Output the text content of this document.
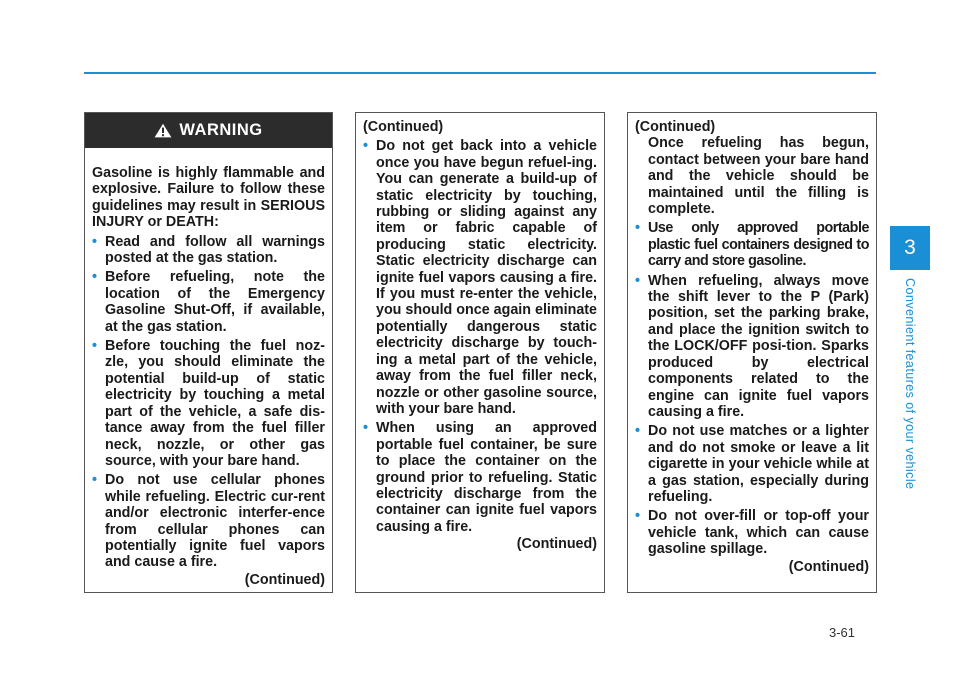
WARNING

Gasoline is highly flammable and explosive. Failure to follow these guidelines may result in SERIOUS INJURY or DEATH:

• Read and follow all warnings posted at the gas station.
• Before refueling, note the location of the Emergency Gasoline Shut-Off, if available, at the gas station.
• Before touching the fuel noz-zle, you should eliminate the potential build-up of static electricity by touching a metal part of the vehicle, a safe dis-tance away from the fuel filler neck, nozzle, or other gas source, with your bare hand.
• Do not use cellular phones while refueling. Electric cur-rent and/or electronic interfer-ence from cellular phones can potentially ignite fuel vapors and cause a fire.
(Continued)
(Continued)
• Do not get back into a vehicle once you have begun refuel-ing. You can generate a build-up of static electricity by touching, rubbing or sliding against any item or fabric capable of producing static electricity. Static electricity discharge can ignite fuel vapors causing a fire. If you must re-enter the vehicle, you should once again eliminate potentially dangerous static electricity discharge by touch-ing a metal part of the vehicle, away from the fuel filler neck, nozzle or other gasoline source, with your bare hand.
• When using an approved portable fuel container, be sure to place the container on the ground prior to refueling. Static electricity discharge from the container can ignite fuel vapors causing a fire.
(Continued)
(Continued)
Once refueling has begun, contact between your bare hand and the vehicle should be maintained until the filling is complete.
• Use only approved portable plastic fuel containers designed to carry and store gasoline.
• When refueling, always move the shift lever to the P (Park) position, set the parking brake, and place the ignition switch to the LOCK/OFF posi-tion. Sparks produced by electrical components related to the engine can ignite fuel vapors causing a fire.
• Do not use matches or a lighter and do not smoke or leave a lit cigarette in your vehicle while at a gas station, especially during refueling.
• Do not over-fill or top-off your vehicle tank, which can cause gasoline spillage.
(Continued)
3
Convenient features of your vehicle
3-61
